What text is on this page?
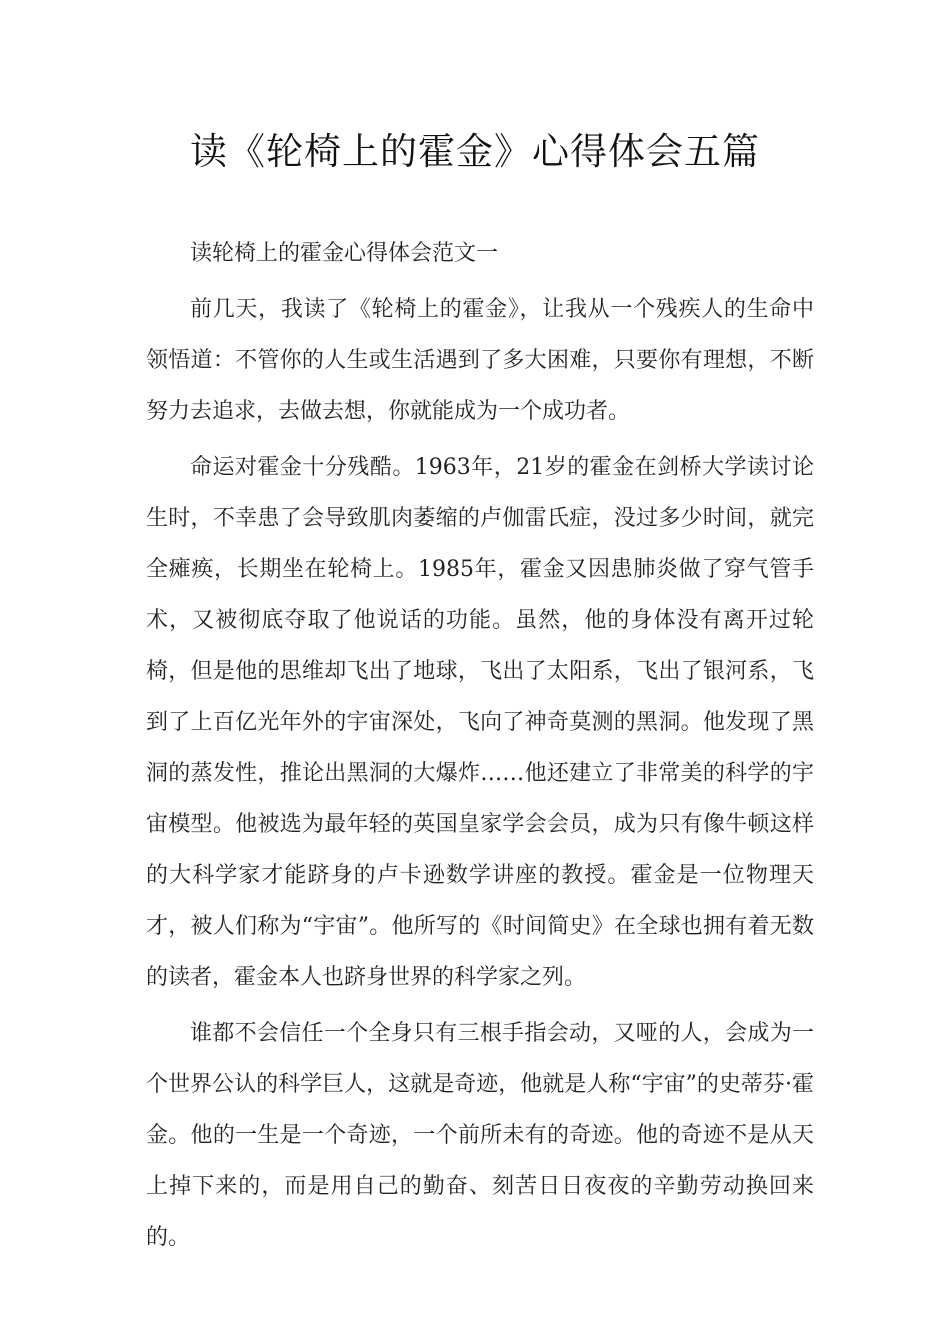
读《轮椅上的霍金》心得体会五篇

读轮椅上的霍金心得体会范文一

前几天，我读了《轮椅上的霍金》，让我从一个残疾人的生命中领悟道：不管你的人生或生活遇到了多大困难，只要你有理想，不断努力去追求，去做去想，你就能成为一个成功者。

命运对霍金十分残酷。1963年，21岁的霍金在剑桥大学读讨论生时，不幸患了会导致肌肉萎缩的卢伽雷氏症，没过多少时间，就完全瘫痪，长期坐在轮椅上。1985年，霍金又因患肺炎做了穿气管手术，又被彻底夺取了他说话的功能。虽然，他的身体没有离开过轮椅，但是他的思维却飞出了地球，飞出了太阳系，飞出了银河系，飞到了上百亿光年外的宇宙深处，飞向了神奇莫测的黑洞。他发现了黑洞的蒸发性，推论出黑洞的大爆炸……他还建立了非常美的科学的宇宙模型。他被选为最年轻的英国皇家学会会员，成为只有像牛顿这样的大科学家才能跻身的卢卡逊数学讲座的教授。霍金是一位物理天才，被人们称为“宇宙”。他所写的《时间简史》在全球也拥有着无数的读者，霍金本人也跻身世界的科学家之列。

谁都不会信任一个全身只有三根手指会动，又哑的人，会成为一个世界公认的科学巨人，这就是奇迹，他就是人称“宇宙”的史蒂芬·霍金。他的一生是一个奇迹，一个前所未有的奇迹。他的奇迹不是从天上掉下来的，而是用自己的勤奋、刻苦日日夜夜的辛勤劳动换回来的。
